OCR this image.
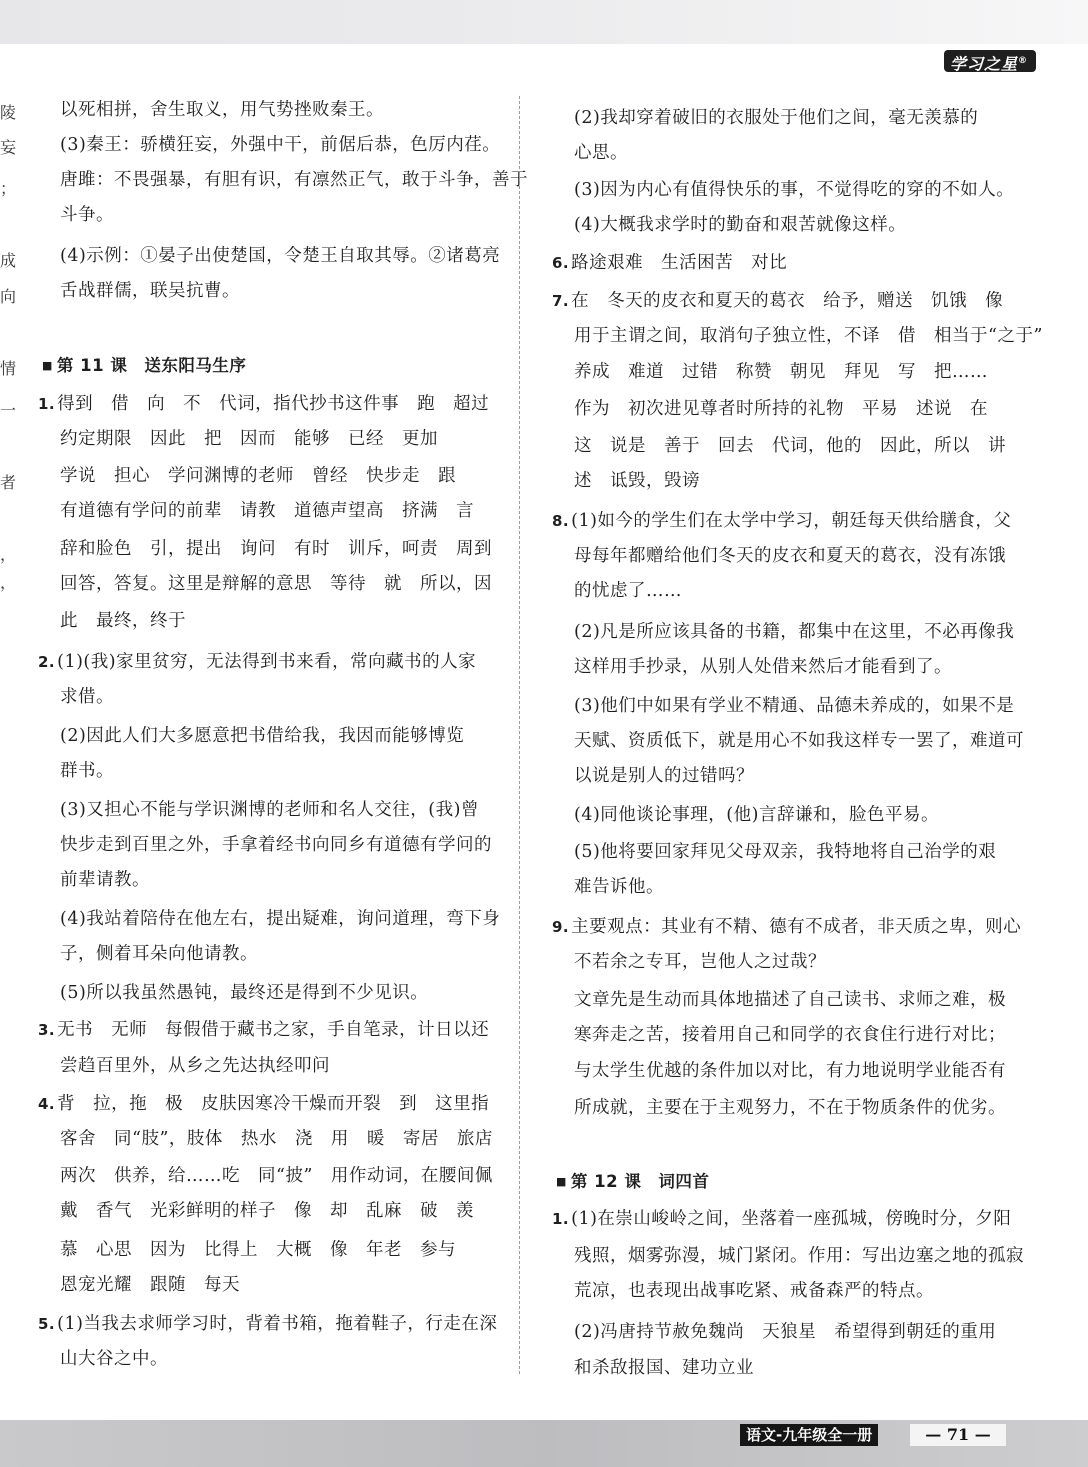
学习之星®
陵
妄
；
成
向
情
一
者
，
，
以死相拼，舍生取义，用气势挫败秦王。
(3)秦王：骄横狂妄，外强中干，前倨后恭，色厉内荏。
唐雎：不畏强暴，有胆有识，有凛然正气，敢于斗争，善于
斗争。
(4)示例：①晏子出使楚国，令楚王自取其辱。②诸葛亮
舌战群儒，联吴抗曹。
■ 第 11 课　送东阳马生序
1. 得到　借　向　不　代词，指代抄书这件事　跑　超过
约定期限　因此　把　因而　能够　已经　更加
学说　担心　学问渊博的老师　曾经　快步走　跟
有道德有学问的前辈　请教　道德声望高　挤满　言
辞和脸色　引，提出　询问　有时　训斥，呵责　周到
回答，答复。这里是辩解的意思　等待　就　所以，因
此　最终，终于
2. (1)(我)家里贫穷，无法得到书来看，常向藏书的人家
求借。
(2)因此人们大多愿意把书借给我，我因而能够博览
群书。
(3)又担心不能与学识渊博的老师和名人交往，(我)曾
快步走到百里之外，手拿着经书向同乡有道德有学问的
前辈请教。
(4)我站着陪侍在他左右，提出疑难，询问道理，弯下身
子，侧着耳朵向他请教。
(5)所以我虽然愚钝，最终还是得到不少见识。
3. 无书　无师　每假借于藏书之家，手自笔录，计日以还
尝趋百里外，从乡之先达执经叩问
4. 背　拉，拖　极　皮肤因寒冷干燥而开裂　到　这里指
客舍　同“肢”，肢体　热水　浇　用　暖　寄居　旅店
两次　供养，给……吃　同“披”　用作动词，在腰间佩
戴　香气　光彩鲜明的样子　像　却　乱麻　破　羡
慕　心思　因为　比得上　大概　像　年老　参与
恩宠光耀　跟随　每天
5. (1)当我去求师学习时，背着书箱，拖着鞋子，行走在深
山大谷之中。
(2)我却穿着破旧的衣服处于他们之间，毫无羡慕的
心思。
(3)因为内心有值得快乐的事，不觉得吃的穿的不如人。
(4)大概我求学时的勤奋和艰苦就像这样。
6. 路途艰难　生活困苦　对比
7. 在　冬天的皮衣和夏天的葛衣　给予，赠送　饥饿　像
用于主谓之间，取消句子独立性，不译　借　相当于“之于”
养成　难道　过错　称赞　朝见　拜见　写　把……
作为　初次进见尊者时所持的礼物　平易　述说　在
这　说是　善于　回去　代词，他的　因此，所以　讲
述　诋毁，毁谤
8. (1)如今的学生们在太学中学习，朝廷每天供给膳食，父
母每年都赠给他们冬天的皮衣和夏天的葛衣，没有冻饿
的忧虑了……
(2)凡是所应该具备的书籍，都集中在这里，不必再像我
这样用手抄录，从别人处借来然后才能看到了。
(3)他们中如果有学业不精通、品德未养成的，如果不是
天赋、资质低下，就是用心不如我这样专一罢了，难道可
以说是别人的过错吗？
(4)同他谈论事理，(他)言辞谦和，脸色平易。
(5)他将要回家拜见父母双亲，我特地将自己治学的艰
难告诉他。
9. 主要观点：其业有不精、德有不成者，非天质之卑，则心
不若余之专耳，岂他人之过哉？
文章先是生动而具体地描述了自己读书、求师之难，极
寒奔走之苦，接着用自己和同学的衣食住行进行对比；
与太学生优越的条件加以对比，有力地说明学业能否有
所成就，主要在于主观努力，不在于物质条件的优劣。
■ 第 12 课　词四首
1. (1)在崇山峻岭之间，坐落着一座孤城，傍晚时分，夕阳
残照，烟雾弥漫，城门紧闭。作用：写出边塞之地的孤寂
荒凉，也表现出战事吃紧、戒备森严的特点。
(2)冯唐持节赦免魏尚　天狼星　希望得到朝廷的重用
和杀敌报国、建功立业
语文-九年级全一册	— 71 —
